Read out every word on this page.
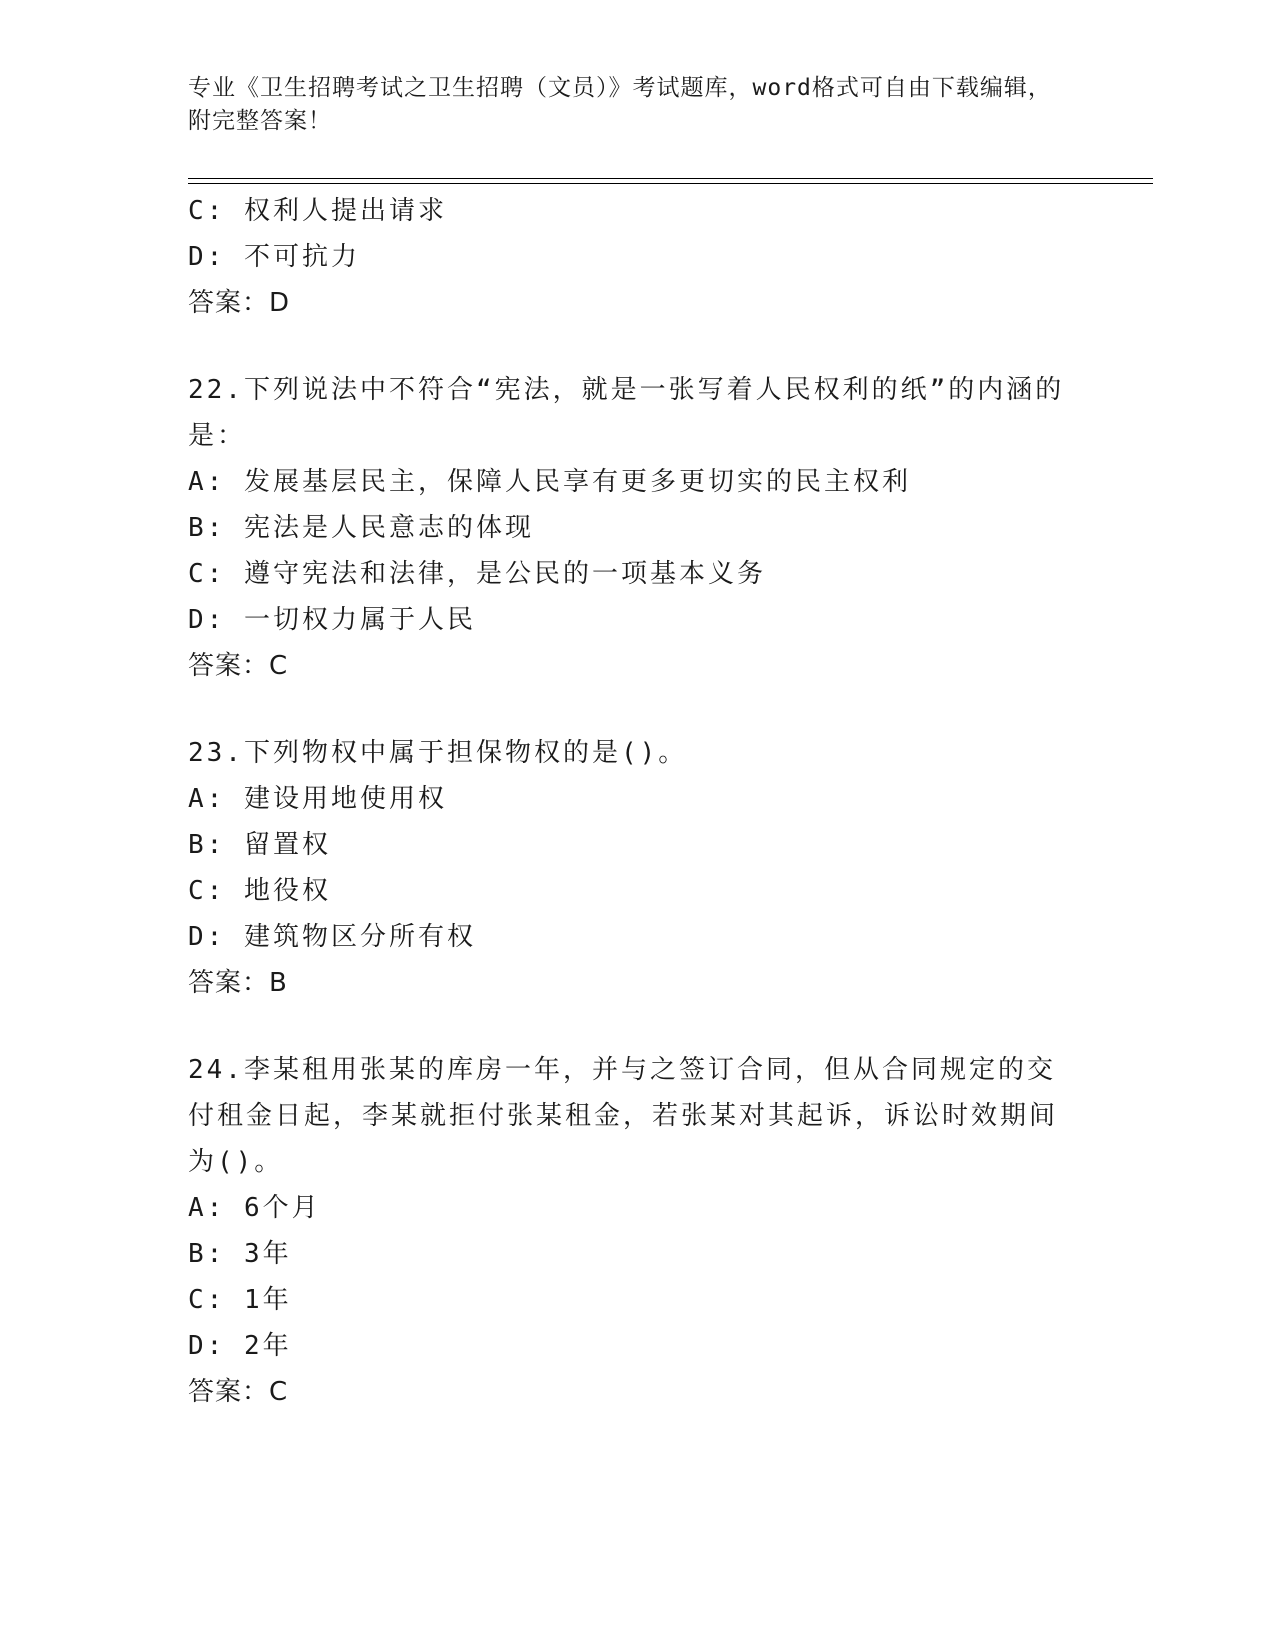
专业《卫生招聘考试之卫生招聘（文员）》考试题库，word格式可自由下载编辑，附完整答案！
C: 权利人提出请求
D: 不可抗力
答案：D
22.下列说法中不符合“宪法，就是一张写着人民权利的纸”的内涵的是：
A: 发展基层民主，保障人民享有更多更切实的民主权利
B: 宪法是人民意志的体现
C: 遵守宪法和法律，是公民的一项基本义务
D: 一切权力属于人民
答案：C
23.下列物权中属于担保物权的是()。
A: 建设用地使用权
B: 留置权
C: 地役权
D: 建筑物区分所有权
答案：B
24.李某租用张某的库房一年，并与之签订合同，但从合同规定的交付租金日起，李某就拒付张某租金，若张某对其起诉，诉讼时效期间为()。
A: 6个月
B: 3年
C: 1年
D: 2年
答案：C
